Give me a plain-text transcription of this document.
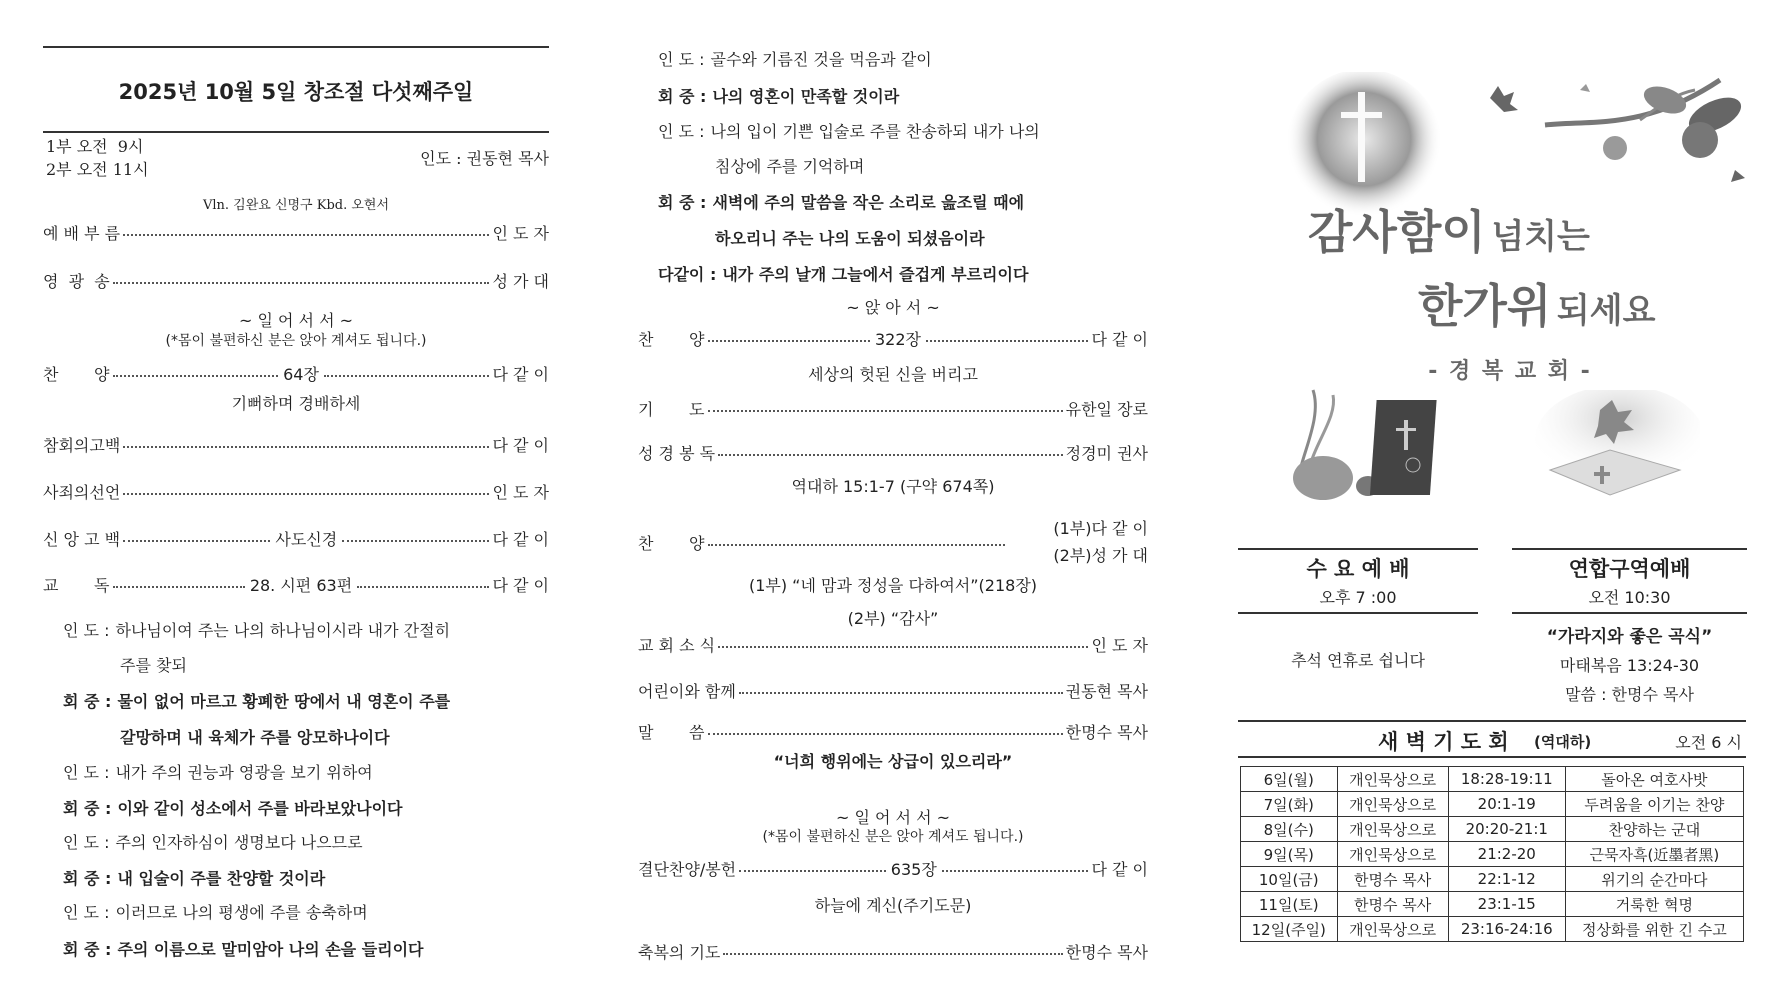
2025년 10월 5일 창조절 다섯째주일
1부 오전  9시
2부 오전 11시
인도 : 권동현 목사
Vln. 김완요 신명구 Kbd. 오현서
예 배 부 름	인 도 자
영  광  송	성 가 대
~ 일 어 서 서 ~
(*몸이 불편하신 분은 앉아 계셔도 됩니다.)
찬       양	64장	다 같 이
기뻐하며 경배하세
참회의고백	다 같 이
사죄의선언	인 도 자
신 앙 고 백	사도신경	다 같 이
교       독	28. 시편 63편	다 같 이
인 도 : 하나님이여 주는 나의 하나님이시라 내가 간절히
주를 찾되
회 중 : 물이 없어 마르고 황폐한 땅에서 내 영혼이 주를
갈망하며 내 육체가 주를 앙모하나이다
인 도 : 내가 주의 권능과 영광을 보기 위하여
회 중 : 이와 같이 성소에서 주를 바라보았나이다
인 도 : 주의 인자하심이 생명보다 나으므로
회 중 : 내 입술이 주를 찬양할 것이라
인 도 : 이러므로 나의 평생에 주를 송축하며
회 중 : 주의 이름으로 말미암아 나의 손을 들리이다
인 도 : 골수와 기름진 것을 먹음과 같이
회 중 : 나의 영혼이 만족할 것이라
인 도 : 나의 입이 기쁜 입술로 주를 찬송하되 내가 나의
침상에 주를 기억하며
회 중 : 새벽에 주의 말씀을 작은 소리로 읊조릴 때에
하오리니 주는 나의 도움이 되셨음이라
다같이 : 내가 주의 날개 그늘에서 즐겁게 부르리이다
~ 앉 아 서 ~
찬       양	322장	다 같 이
세상의 헛된 신을 버리고
기       도	유한일 장로
성 경 봉 독	정경미 권사
역대하 15:1-7 (구약 674쪽)
찬       양
(1부)다 같 이
(2부)성 가 대
(1부) “네 맘과 정성을 다하여서”(218장)
(2부) “감사”
교 회 소 식	인 도 자
어린이와 함께	권동현 목사
말       씀	한명수 목사
“너희 행위에는 상급이 있으리라”
~ 일 어 서 서 ~
(*몸이 불편하신 분은 앉아 계셔도 됩니다.)
결단찬양/봉헌	635장	다 같 이
하늘에 계신(주기도문)
축복의 기도	한명수 목사
감사함이 넘치는
한가위 되세요
- 경 복 교 회 -
수 요 예 배
오후 7 :00
추석 연휴로 쉽니다
연합구역예배
오전 10:30
“가라지와 좋은 곡식”
마태복음 13:24-30
말씀 : 한명수 목사
새 벽 기 도 회 (역대하)	오전 6 시
6일(월)	개인묵상으로	18:28-19:11	돌아온 여호사밧
7일(화)	개인묵상으로	20:1-19	두려움을 이기는 찬양
8일(수)	개인묵상으로	20:20-21:1	찬양하는 군대
9일(목)	개인묵상으로	21:2-20	근묵자흑(近墨者黑)
10일(금)	한명수 목사	22:1-12	위기의 순간마다
11일(토)	한명수 목사	23:1-15	거룩한 혁명
12일(주일)	개인묵상으로	23:16-24:16	정상화를 위한 긴 수고
